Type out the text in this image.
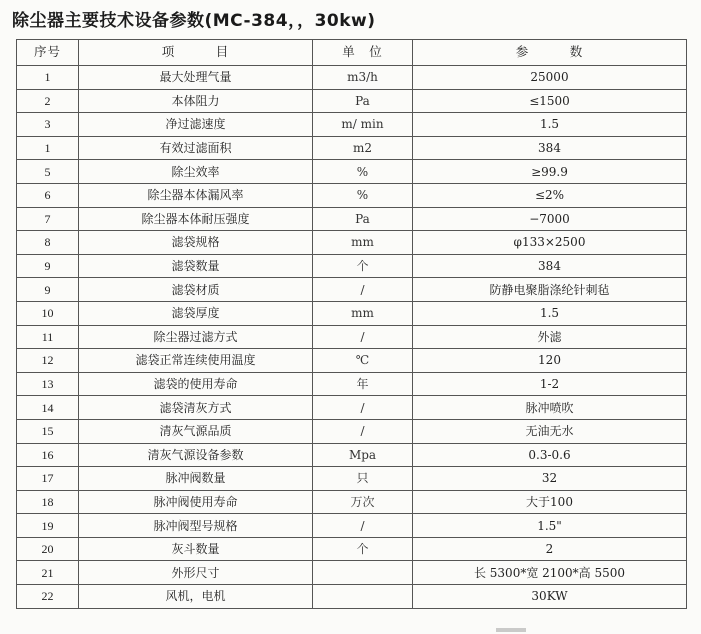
除尘器主要技术设备参数(MC-384，，30kw)
序号	项　　　目	单　位	参　　　数
1	最大处理气量	m3/h	25000
2	本体阻力	Pa	≤1500
3	净过滤速度	m/ min	1.5
1	有效过滤面积	m2	384
5	除尘效率	%	≥99.9
6	除尘器本体漏风率	%	≤2%
7	除尘器本体耐压强度	Pa	−7000
8	滤袋规格	mm	φ133×2500
9	滤袋数量	个	384
9	滤袋材质	/	防静电聚脂涤纶针刺毡
10	滤袋厚度	mm	1.5
11	除尘器过滤方式	/	外滤
12	滤袋正常连续使用温度	℃	120
13	滤袋的使用寿命	年	1-2
14	滤袋清灰方式	/	脉冲喷吹
15	清灰气源品质	/	无油无水
16	清灰气源设备参数	Mpa	0.3-0.6
17	脉冲阀数量	只	32
18	脉冲阀使用寿命	万次	大于100
19	脉冲阀型号规格	/	1.5"
20	灰斗数量	个	2
21	外形尺寸		长 5300*宽 2100*高 5500
22	风机，电机		30KW
